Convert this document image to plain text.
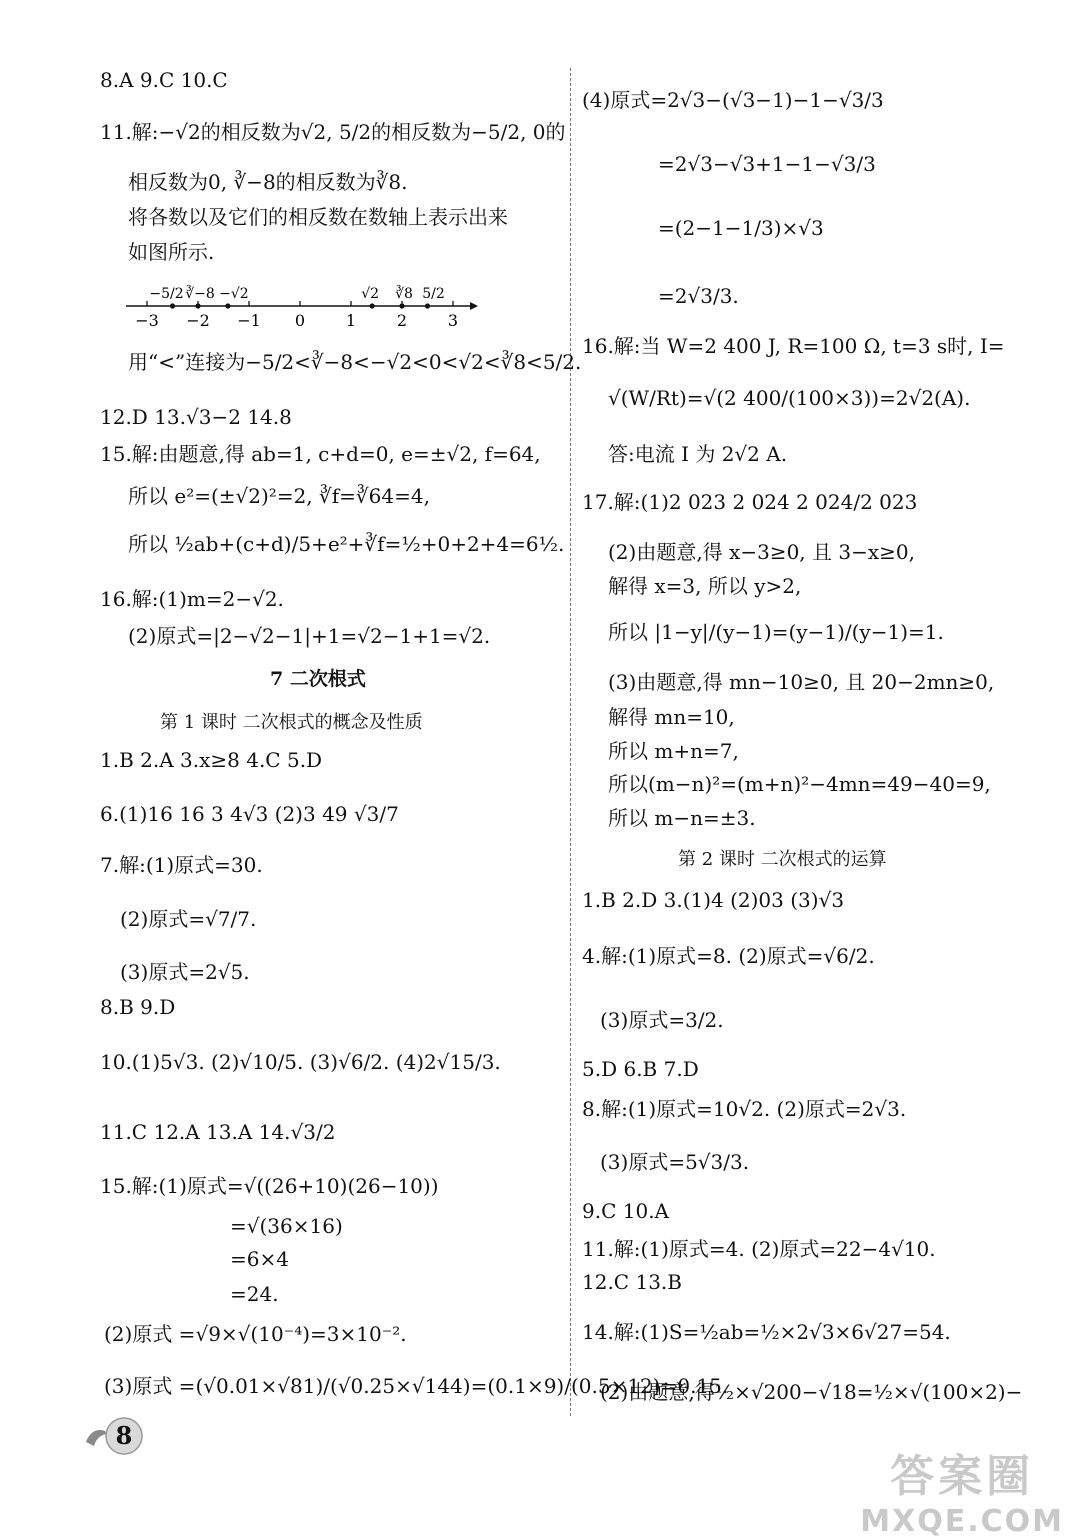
8.A 9.C 10.C
11.解:−√2的相反数为√2, 5/2的相反数为−5/2, 0的
相反数为0, ∛−8的相反数为∛8.
将各数以及它们的相反数在数轴上表示出来
如图所示.
−3 −2 −1 0	1	2	3
−5/2 ∛−8 −√2	√2 ∛8 5/2
用“<”连接为−5/2<∛−8<−√2<0<√2<∛8<5/2.
12.D 13.√3−2 14.8
15.解:由题意,得 ab=1, c+d=0, e=±√2, f=64,
所以 e²=(±√2)²=2, ∛f=∛64=4,
所以 ½ab+(c+d)/5+e²+∛f=½+0+2+4=6½.
16.解:(1)m=2−√2.
(2)原式=|2−√2−1|+1=√2−1+1=√2.
7 二次根式
第 1 课时 二次根式的概念及性质
1.B 2.A 3.x≥8 4.C 5.D
6.(1)16 16 3 4√3 (2)3 49 √3/7
7.解:(1)原式=30.
(2)原式=√7/7.
(3)原式=2√5.
8.B 9.D
10.(1)5√3. (2)√10/5. (3)√6/2. (4)2√15/3.
11.C 12.A 13.A 14.√3/2
15.解:(1)原式=√((26+10)(26−10))
=√(36×16)
=6×4
=24.
(2)原式 =√9×√(10⁻⁴)=3×10⁻².
(3)原式 =(√0.01×√81)/(√0.25×√144)=(0.1×9)/(0.5×12)=0.15.
(4)原式=2√3−(√3−1)−1−√3/3
=2√3−√3+1−1−√3/3
=(2−1−1/3)×√3
=2√3/3.
16.解:当 W=2 400 J, R=100 Ω, t=3 s时, I=
√(W/Rt)=√(2 400/(100×3))=2√2(A).
答:电流 I 为 2√2 A.
17.解:(1)2 023 2 024 2 024/2 023
(2)由题意,得 x−3≥0, 且 3−x≥0,
解得 x=3, 所以 y>2,
所以 |1−y|/(y−1)=(y−1)/(y−1)=1.
(3)由题意,得 mn−10≥0, 且 20−2mn≥0,
解得 mn=10,
所以 m+n=7,
所以(m−n)²=(m+n)²−4mn=49−40=9,
所以 m−n=±3.
第 2 课时 二次根式的运算
1.B 2.D 3.(1)4 (2)03 (3)√3
4.解:(1)原式=8. (2)原式=√6/2.
(3)原式=3/2.
5.D 6.B 7.D
8.解:(1)原式=10√2. (2)原式=2√3.
(3)原式=5√3/3.
9.C 10.A
11.解:(1)原式=4. (2)原式=22−4√10.
12.C 13.B
14.解:(1)S=½ab=½×2√3×6√27=54.
(2)由题意,得½×√200−√18=½×√(100×2)−
8
答案圈
MXQE.COM
